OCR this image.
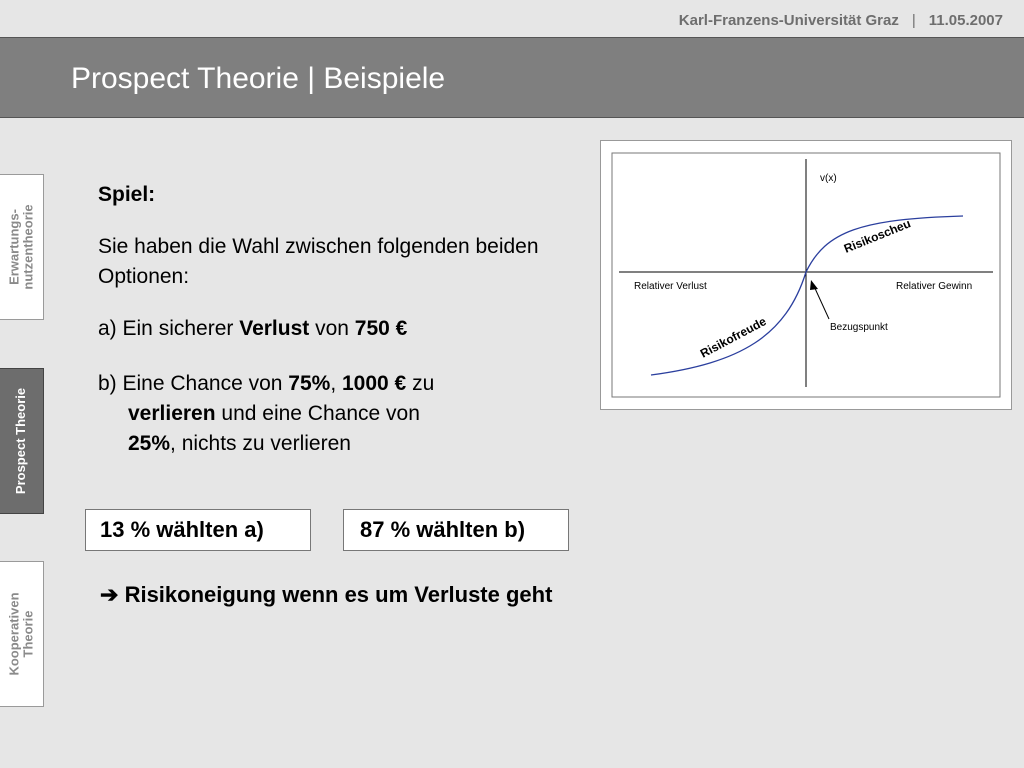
Karl-Franzens-Universität Graz | 11.05.2007
Prospect Theorie | Beispiele
Erwartungs- nutzentheorie
Prospect Theorie
Kooperativen Theorie

Spiel:

Sie haben die Wahl zwischen folgenden beiden Optionen:

a) Ein sicherer Verlust von 750 €

b) Eine Chance von 75%, 1000 € zu
verlieren und eine Chance von
25%, nichts zu verlieren

13 % wählten a)	87 % wählten b)
➔ Risikoneigung wenn es um Verluste geht
v(x)
Relativer Verlust	Relativer Gewinn
Bezugspunkt
Risikoscheu
Risikofreude
